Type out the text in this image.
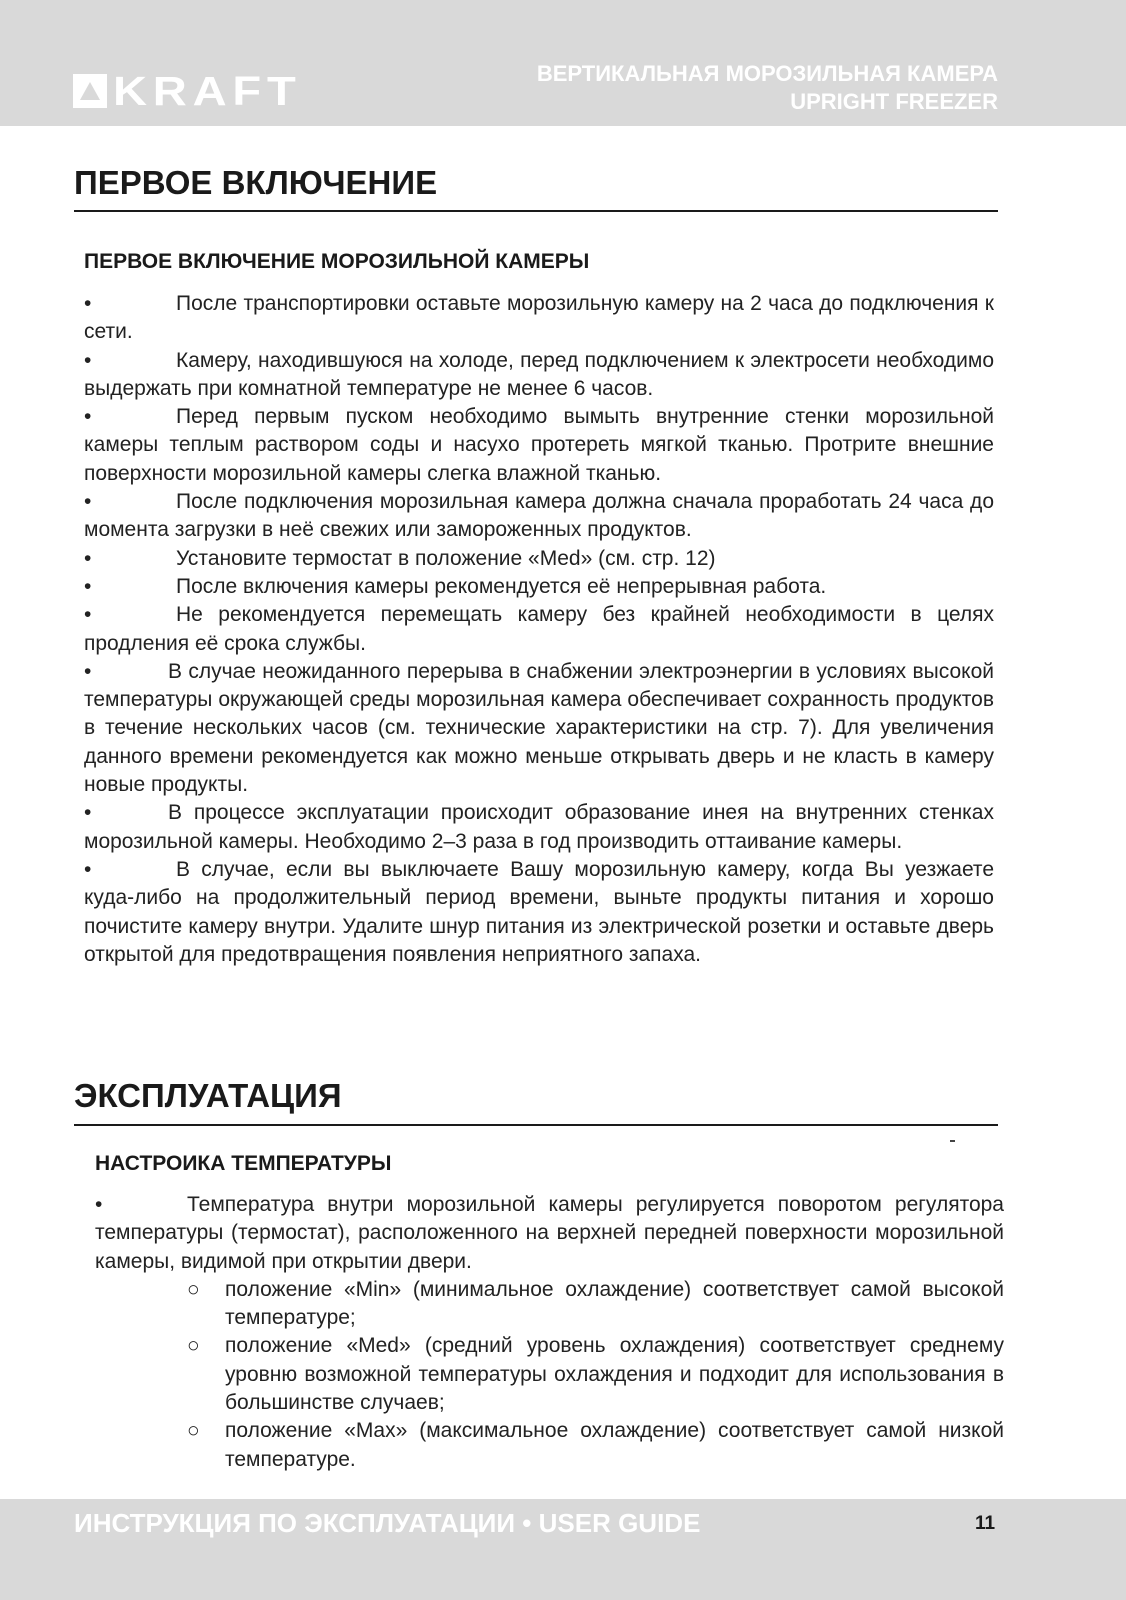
KRAFT	ВЕРТИКАЛЬНАЯ МОРОЗИЛЬНАЯ КАМЕРА
UPRIGHT FREEZER
ПЕРВОЕ ВКЛЮЧЕНИЕ
ПЕРВОЕ ВКЛЮЧЕНИЕ МОРОЗИЛЬНОЙ КАМЕРЫ

•	После транспортировки оставьте морозильную камеру на 2 часа до подключения к сети.

•	Камеру, находившуюся на холоде, перед подключением к электросети необходимо выдержать при комнатной температуре не менее 6 часов.

•	Перед первым пуском необходимо вымыть внутренние стенки морозильной камеры теплым раствором соды и насухо протереть мягкой тканью. Протрите внешние поверхности морозильной камеры слегка влажной тканью.

•	После подключения морозильная камера должна сначала проработать 24 часа до момента загрузки в неё свежих или замороженных продуктов.

•	Установите термостат в положение «Med» (см. стр. 12)

•	После включения камеры рекомендуется её непрерывная работа.

•	Не рекомендуется перемещать камеру без крайней необходимости в целях продления её срока службы.

•	В случае неожиданного перерыва в снабжении электроэнергии в условиях высокой температуры окружающей среды морозильная камера обеспечивает сохранность продуктов в течение нескольких часов (см. технические характеристики на стр. 7). Для увеличения данного времени рекомендуется как можно меньше открывать дверь и не класть в камеру новые продукты.

•	В процессе эксплуатации происходит образование инея на внутренних стенках морозильной камеры. Необходимо 2–3 раза в год производить оттаивание камеры.

•	В случае, если вы выключаете Вашу морозильную камеру, когда Вы уезжаете куда-либо на продолжительный период времени, выньте продукты питания и хорошо почистите камеру внутри. Удалите шнур питания из электрической розетки и оставьте дверь открытой для предотвращения появления неприятного запаха.

ЭКСПЛУАТАЦИЯ
НАСТРОИКА ТЕМПЕРАТУРЫ

•	Температура внутри морозильной камеры регулируется поворотом регулятора температуры (термостат), расположенного на верхней передней поверхности морозильной камеры, видимой при открытии двери.

○ положение «Min» (минимальное охлаждение) соответствует самой высокой температуре;

○ положение «Med» (средний уровень охлаждения) соответствует среднему уровню возможной температуры охлаждения и подходит для использования в большинстве случаев;

○ положение «Max» (максимальное охлаждение) соответствует самой низкой температуре.

ИНСТРУКЦИЯ ПО ЭКСПЛУАТАЦИИ • USER GUIDE	11
